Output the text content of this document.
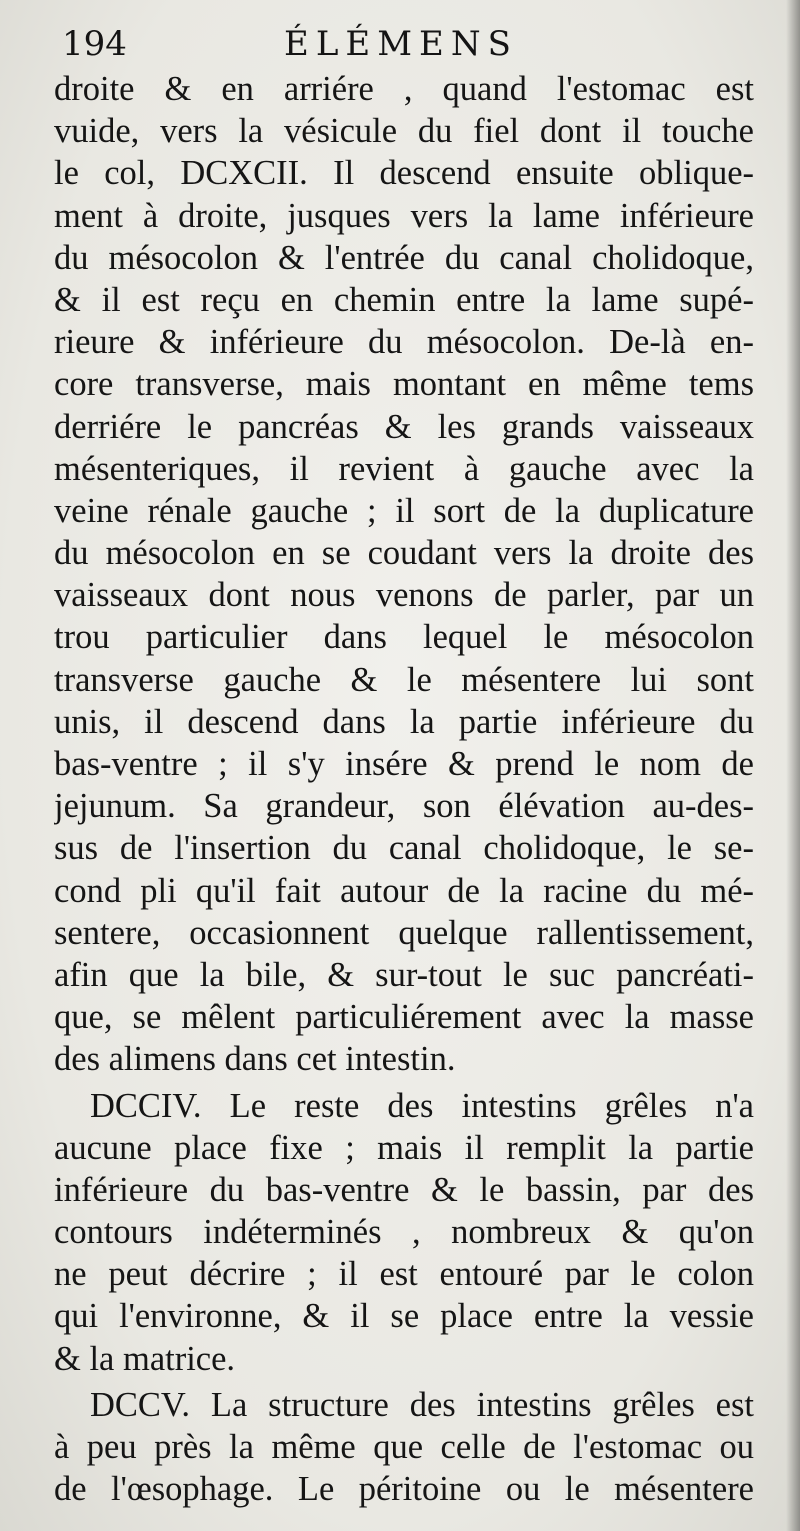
194	ÉLÉMENS
droite & en arriére , quand l'estomac est
vuide, vers la vésicule du fiel dont il touche
le col, DCXCII. Il descend ensuite oblique-
ment à droite, jusques vers la lame inférieure
du mésocolon & l'entrée du canal cholidoque,
& il est reçu en chemin entre la lame supé-
rieure & inférieure du mésocolon. De-là en-
core transverse, mais montant en même tems
derriére le pancréas & les grands vaisseaux
mésenteriques, il revient à gauche avec la
veine rénale gauche ; il sort de la duplicature
du mésocolon en se coudant vers la droite des
vaisseaux dont nous venons de parler, par un
trou particulier dans lequel le mésocolon
transverse gauche & le mésentere lui sont
unis, il descend dans la partie inférieure du
bas-ventre ; il s'y insére & prend le nom de
jejunum. Sa grandeur, son élévation au-des-
sus de l'insertion du canal cholidoque, le se-
cond pli qu'il fait autour de la racine du mé-
sentere, occasionnent quelque rallentissement,
afin que la bile, & sur-tout le suc pancréati-
que, se mêlent particuliérement avec la masse
des alimens dans cet intestin.
DCCIV. Le reste des intestins grêles n'a
aucune place fixe ; mais il remplit la partie
inférieure du bas-ventre & le bassin, par des
contours indéterminés , nombreux & qu'on
ne peut décrire ; il est entouré par le colon
qui l'environne, & il se place entre la vessie
& la matrice.
DCCV. La structure des intestins grêles est
à peu près la même que celle de l'estomac ou
de l'œsophage. Le péritoine ou le mésentere
